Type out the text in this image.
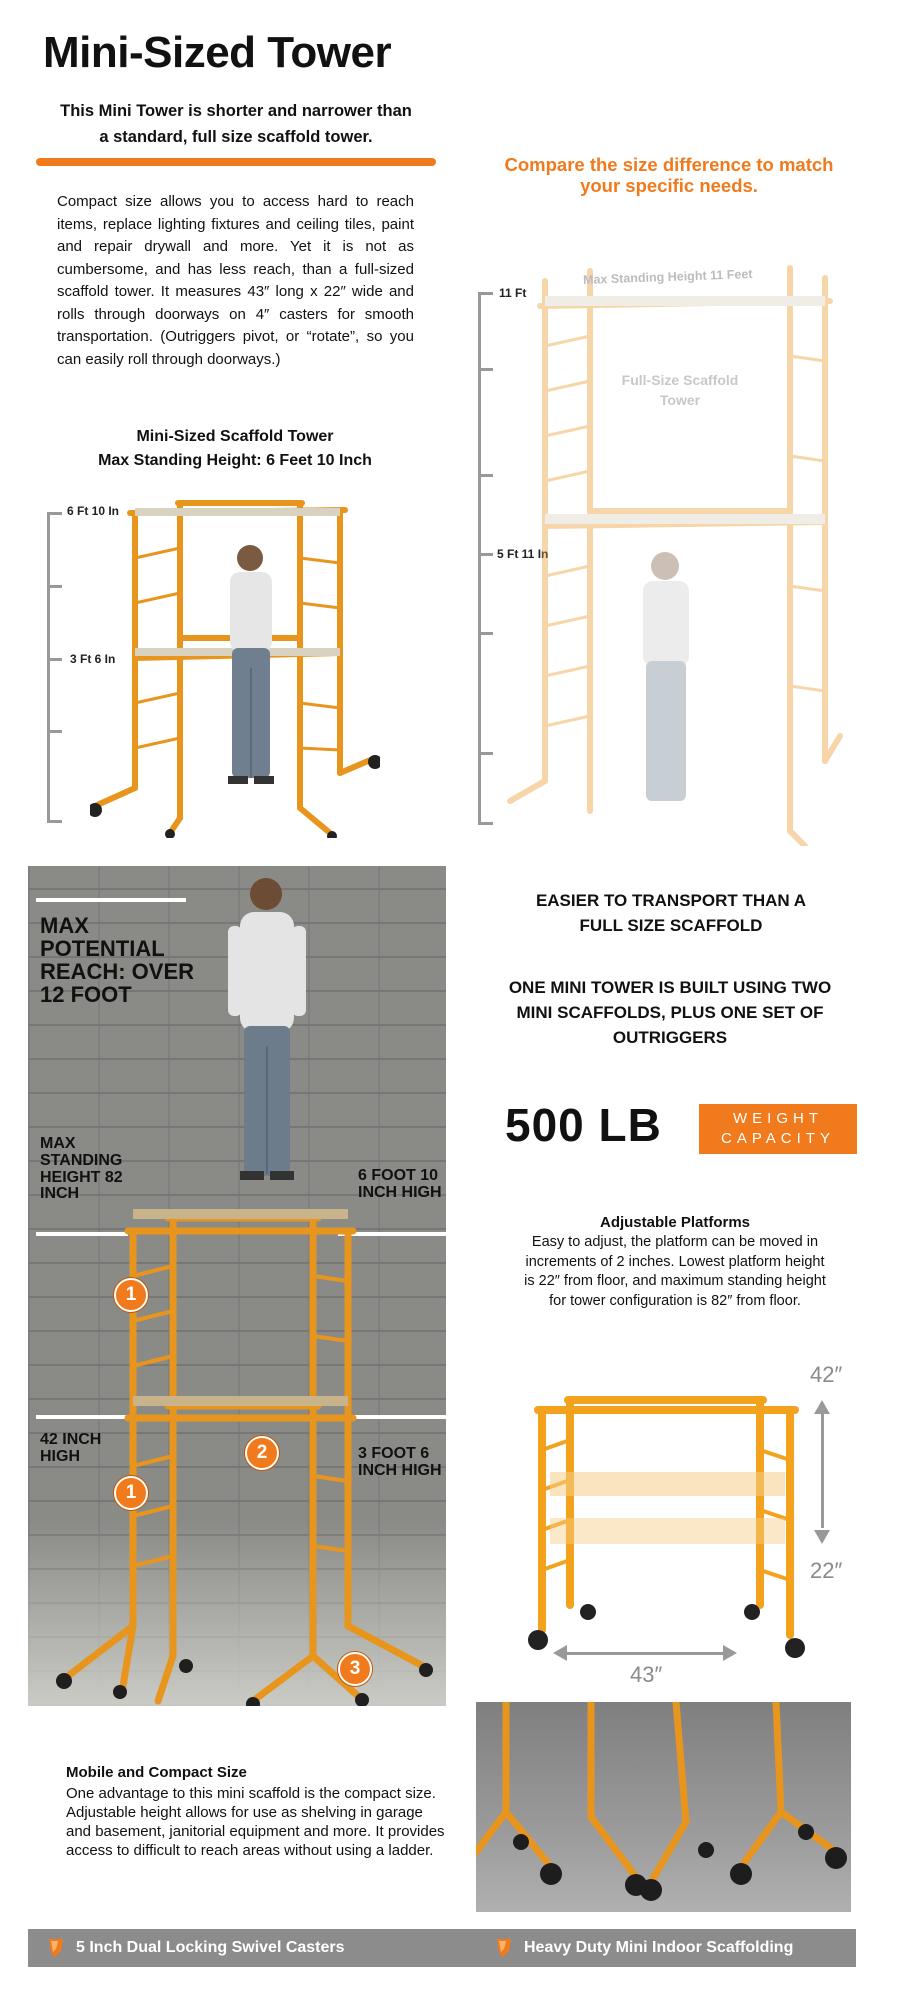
Mini-Sized Tower
This Mini Tower is shorter and narrower than a standard, full size scaffold tower.
Compact size allows you to access hard to reach items, replace lighting fixtures and ceiling tiles, paint and repair drywall and more. Yet it is not as cumbersome, and has less reach, than a full-sized scaffold tower. It measures 43″ long x 22″ wide and rolls through doorways on 4″ casters for smooth transportation. (Outriggers pivot, or “rotate”, so you can easily roll through doorways.)
Compare the size difference to match your specific needs.
Mini-Sized Scaffold Tower
Max Standing Height: 6 Feet 10 Inch
6 Ft 10 In
3 Ft 6 In
11 Ft
5 Ft 11 In
Max Standing Height 11 Feet
Full-Size Scaffold Tower
MAX POTENTIAL REACH: OVER 12 FOOT
MAX STANDING HEIGHT 82 INCH
6 FOOT 10 INCH HIGH
42 INCH HIGH	3 FOOT 6 INCH HIGH
1
2
1
3
EASIER TO TRANSPORT THAN A FULL SIZE SCAFFOLD
ONE MINI TOWER IS BUILT USING TWO MINI SCAFFOLDS, PLUS ONE SET OF OUTRIGGERS
500 LB	WEIGHT CAPACITY
Adjustable Platforms
Easy to adjust, the platform can be moved in increments of 2 inches. Lowest platform height is 22″ from floor, and maximum standing height for tower configuration is 82″ from floor.
42″
22″
43″
Mobile and Compact Size
One advantage to this mini scaffold is the compact size. Adjustable height allows for use as shelving in garage and basement, janitorial equipment and more. It provides access to difficult to reach areas without using a ladder.
5 Inch Dual Locking Swivel Casters	Heavy Duty Mini Indoor Scaffolding
